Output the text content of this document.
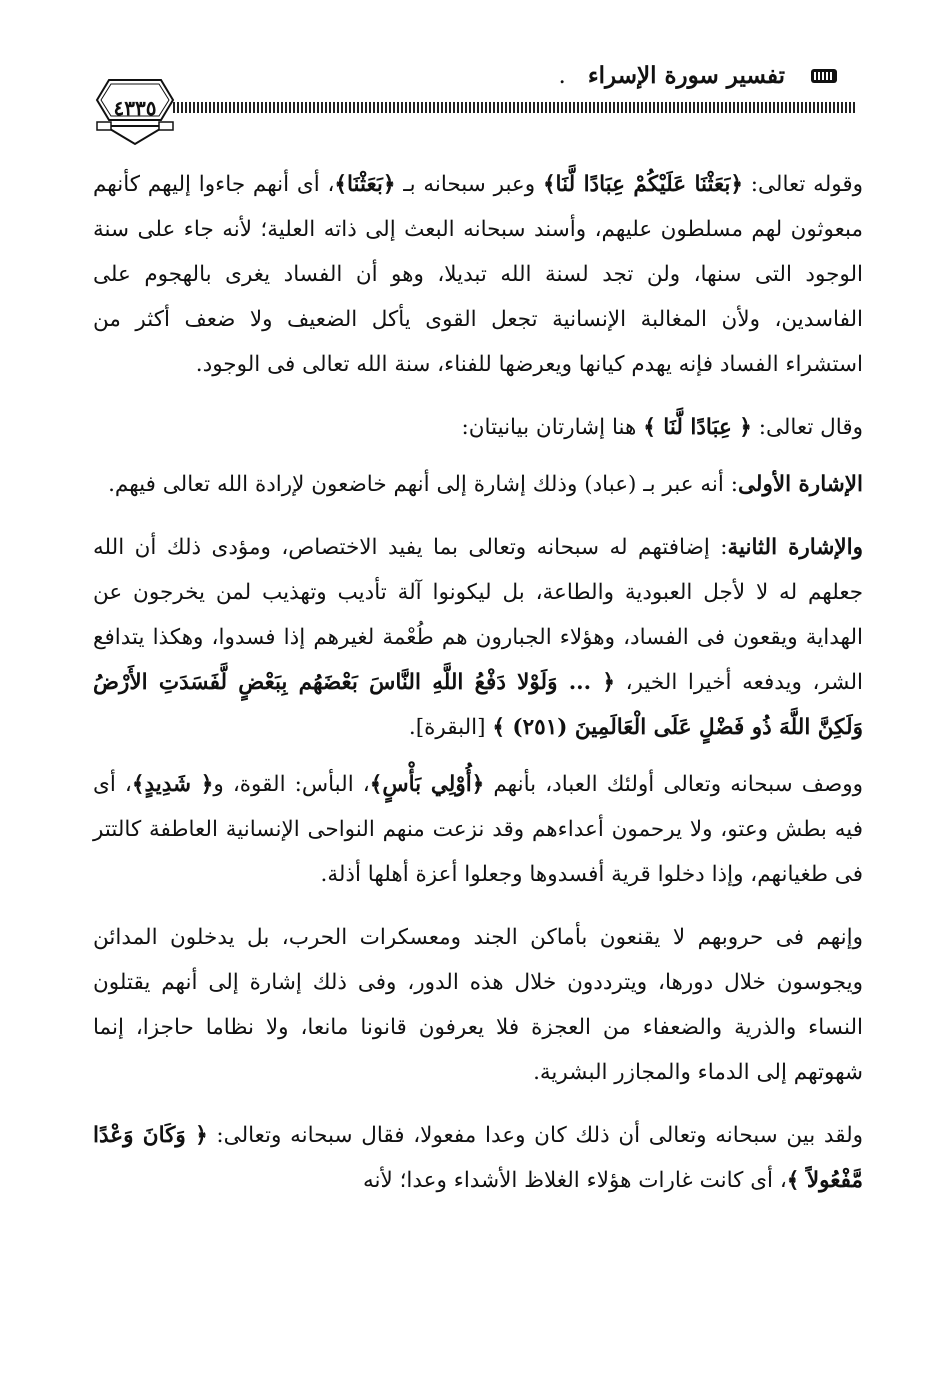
تفسير سورة الإسراء .
٤٣٣٥

وقوله تعالى: ﴿بَعَثْنَا عَلَيْكُمْ عِبَادًا لَّنَا﴾ وعبر سبحانه بـ ﴿بَعَثْنَا﴾، أى أنهم جاءوا إليهم كأنهم مبعوثون لهم مسلطون عليهم، وأسند سبحانه البعث إلى ذاته العلية؛ لأنه جاء على سنة الوجود التى سنها، ولن تجد لسنة الله تبديلا، وهو أن الفساد يغرى بالهجوم على الفاسدين، ولأن المغالبة الإنسانية تجعل القوى يأكل الضعيف ولا ضعف أكثر من استشراء الفساد فإنه يهدم كيانها ويعرضها للفناء، سنة الله تعالى فى الوجود.

وقال تعالى: ﴿ عِبَادًا لَّنَا ﴾ هنا إشارتان بيانيتان:

الإشارة الأولى: أنه عبر بـ (عباد) وذلك إشارة إلى أنهم خاضعون لإرادة الله تعالى فيهم.

والإشارة الثانية: إضافتهم له سبحانه وتعالى بما يفيد الاختصاص، ومؤدى ذلك أن الله جعلهم له لا لأجل العبودية والطاعة، بل ليكونوا آلة تأديب وتهذيب لمن يخرجون عن الهداية ويقعون فى الفساد، وهؤلاء الجبارون هم طُعْمة لغيرهم إذا فسدوا، وهكذا يتدافع الشر، ويدفعه أخيرا الخير، ﴿ ... وَلَوْلا دَفْعُ اللَّهِ النَّاسَ بَعْضَهُم بِبَعْضٍ لَّفَسَدَتِ الأَرْضُ وَلَكِنَّ اللَّهَ ذُو فَضْلٍ عَلَى الْعَالَمِينَ (٢٥١) ﴾ [البقرة].

ووصف سبحانه وتعالى أولئك العباد، بأنهم ﴿أُوْلِي بَأْسٍ﴾، البأس: القوة، و﴿ شَدِيدٍ﴾، أى فيه بطش وعتو، ولا يرحمون أعداءهم وقد نزعت منهم النواحى الإنسانية العاطفة كالتتر فى طغيانهم، وإذا دخلوا قرية أفسدوها وجعلوا أعزة أهلها أذلة.

وإنهم فى حروبهم لا يقنعون بأماكن الجند ومعسكرات الحرب، بل يدخلون المدائن ويجوسون خلال دورها، ويترددون خلال هذه الدور، وفى ذلك إشارة إلى أنهم يقتلون النساء والذرية والضعفاء من العجزة فلا يعرفون قانونا مانعا، ولا نظاما حاجزا، إنما شهوتهم إلى الدماء والمجازر البشرية.

ولقد بين سبحانه وتعالى أن ذلك كان وعدا مفعولا، فقال سبحانه وتعالى: ﴿ وَكَانَ وَعْدًا مَّفْعُولاً ﴾، أى كانت غارات هؤلاء الغلاظ الأشداء وعدا؛ لأنه
